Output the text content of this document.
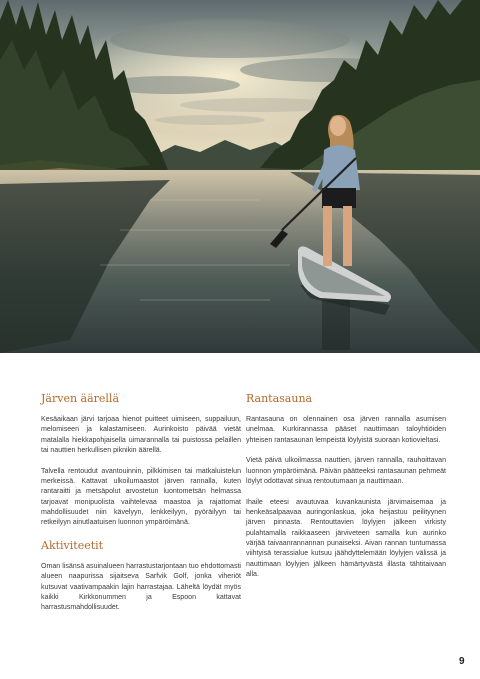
Järven äärellä

Kesäaikaan järvi tarjoaa hienot puitteet uimiseen, suppailuun, melomiseen ja kalastamiseen. Aurinkoisto päivää vietät matalalla hiekkapohjaisella uimarannalla tai puistossa pelaillen tai nauttien herkullisen piknikin äärellä.

Talvella rentoudut avantouinnin, pilkkimisen tai matkaluistelun merkeissä. Kattavat ulkoilumaastot järven rannalla, kuten rantaraitti ja metsäpolut arvostetun luontometsän helmassa tarjoavat monipuolista vaihtelevaa maastoa ja rajattomat mahdollisuudet niin kävelyyn, lenkkeilyyn, pyöräilyyn tai retkeilyyn ainutlaatuisen luonnon ympäröimänä.

Aktiviteetit

Oman lisänsä asuinalueen harrastustarjontaan tuo ehdottomasti alueen naapurissa sijaitseva Sarfvik Golf, jonka viheriöt kutsuvat vaativampaakin lajin harrastajaa. Läheltä löydät myös kaikki Kirkkonummen ja Espoon kattavat harrastusmahdollisuudet.

Rantasauna

Rantasauna on olennainen osa järven rannalla asumisen unelmaa. Kurkirannassa pääset nauttimaan taloyhtiöiden yhteisen rantasaunan lempeistä löylyistä suoraan kotiovieltasi.

Vietä päivä ulkoilmassa nauttien, järven rannalla, rauhoittavan luonnon ympäröimänä. Päivän päätteeksi rantasaunan pehmeät löylyt odottavat sinua rentoutumaan ja nauttimaan.

Ihaile eteesi avautuvaa kuvankaunista järvimaisemaa ja henkeäsalpaavaa auringonlaskua, joka heijastuu peilityynen järven pinnasta. Rentouttavien löylyjen jälkeen virkisty pulahtamalla raikkaaseen järviveteen samalla kun aurinko värjää taivaanrannannan punaiseksi. Aivan rannan tuntumassa viihtyisä terassialue kutsuu jäähdyttelemään löylyjen välissä ja nauttimaan löylyjen jälkeen hämärtyvästä illasta tähtitaivaan alla.

9
